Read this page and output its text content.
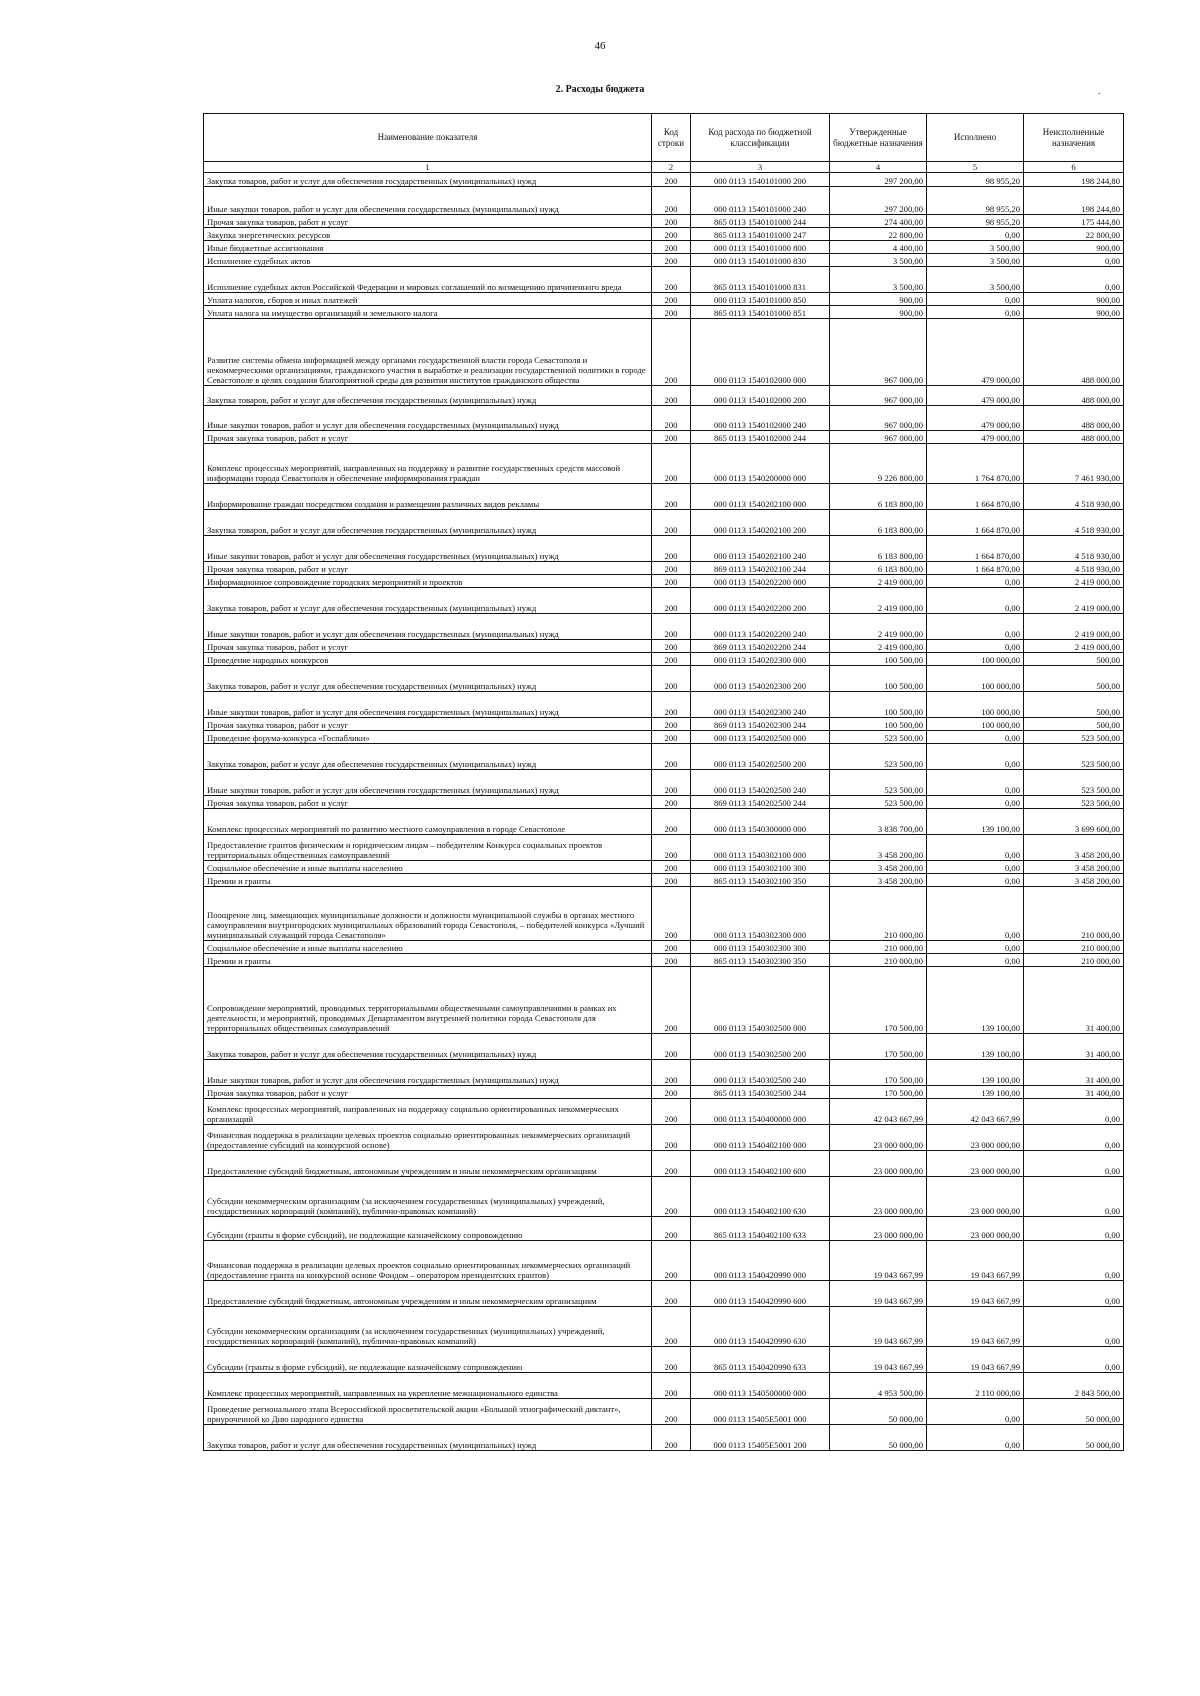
46
2. Расходы бюджета	.
Наименование показателя	Код строки	Код расхода по бюджетной классификации	Утвержденные бюджетные назначения	Исполнено	Неисполненные назначения
1	2	3	4	5	6
Закупка товаров, работ и услуг для обеспечения государственных (муниципальных) нужд	200	000 0113 1540101000 200	297 200,00	98 955,20	198 244,80
Иные закупки товаров, работ и услуг для обеспечения государственных (муниципальных) нужд	200	000 0113 1540101000 240	297 200,00	98 955,20	198 244,80
Прочая закупка товаров, работ и услуг	200	865 0113 1540101000 244	274 400,00	98 955,20	175 444,80
Закупка энергетических ресурсов	200	865 0113 1540101000 247	22 800,00	0,00	22 800,00
Иные бюджетные ассигнования	200	000 0113 1540101000 800	4 400,00	3 500,00	900,00
Исполнение судебных актов	200	000 0113 1540101000 830	3 500,00	3 500,00	0,00
Исполнение судебных актов Российской Федерации и мировых соглашений по возмещению причиненного вреда	200	865 0113 1540101000 831	3 500,00	3 500,00	0,00
Уплата налогов, сборов и иных платежей	200	000 0113 1540101000 850	900,00	0,00	900,00
Уплата налога на имущество организаций и земельного налога	200	865 0113 1540101000 851	900,00	0,00	900,00
Развитие системы обмена информацией между органами государственной власти города Севастополя и некоммерческими организациями, гражданского участия в выработке и реализации государственной политики в городе Севастополе в целях создания благоприятной среды для развития институтов гражданского общества	200	000 0113 1540102000 000	967 000,00	479 000,00	488 000,00
Закупка товаров, работ и услуг для обеспечения государственных (муниципальных) нужд	200	000 0113 1540102000 200	967 000,00	479 000,00	488 000,00
Иные закупки товаров, работ и услуг для обеспечения государственных (муниципальных) нужд	200	000 0113 1540102000 240	967 000,00	479 000,00	488 000,00
Прочая закупка товаров, работ и услуг	200	865 0113 1540102000 244	967 000,00	479 000,00	488 000,00
Комплекс процессных мероприятий, направленных на поддержку и развитие государственных средств массовой информации города Севастополя и обеспечение информирования граждан	200	000 0113 1540200000 000	9 226 800,00	1 764 870,00	7 461 930,00
Информирование граждан посредством создания и размещения различных видов рекламы	200	000 0113 1540202100 000	6 183 800,00	1 664 870,00	4 518 930,00
Закупка товаров, работ и услуг для обеспечения государственных (муниципальных) нужд	200	000 0113 1540202100 200	6 183 800,00	1 664 870,00	4 518 930,00
Иные закупки товаров, работ и услуг для обеспечения государственных (муниципальных) нужд	200	000 0113 1540202100 240	6 183 800,00	1 664 870,00	4 518 930,00
Прочая закупка товаров, работ и услуг	200	869 0113 1540202100 244	6 183 800,00	1 664 870,00	4 518 930,00
Информационное сопровождение городских мероприятий и проектов	200	000 0113 1540202200 000	2 419 000,00	0,00	2 419 000,00
Закупка товаров, работ и услуг для обеспечения государственных (муниципальных) нужд	200	000 0113 1540202200 200	2 419 000,00	0,00	2 419 000,00
Иные закупки товаров, работ и услуг для обеспечения государственных (муниципальных) нужд	200	000 0113 1540202200 240	2 419 000,00	0,00	2 419 000,00
Прочая закупка товаров, работ и услуг	200	869 0113 1540202200 244	2 419 000,00	0,00	2 419 000,00
Проведение народных конкурсов	200	000 0113 1540202300 000	100 500,00	100 000,00	500,00
Закупка товаров, работ и услуг для обеспечения государственных (муниципальных) нужд	200	000 0113 1540202300 200	100 500,00	100 000,00	500,00
Иные закупки товаров, работ и услуг для обеспечения государственных (муниципальных) нужд	200	000 0113 1540202300 240	100 500,00	100 000,00	500,00
Прочая закупка товаров, работ и услуг	200	869 0113 1540202300 244	100 500,00	100 000,00	500,00
Проведение форума-конкурса «Госпаблики»	200	000 0113 1540202500 000	523 500,00	0,00	523 500,00
Закупка товаров, работ и услуг для обеспечения государственных (муниципальных) нужд	200	000 0113 1540202500 200	523 500,00	0,00	523 500,00
Иные закупки товаров, работ и услуг для обеспечения государственных (муниципальных) нужд	200	000 0113 1540202500 240	523 500,00	0,00	523 500,00
Прочая закупка товаров, работ и услуг	200	869 0113 1540202500 244	523 500,00	0,00	523 500,00
Комплекс процессных мероприятий по развитию местного самоуправления в городе Севастополе	200	000 0113 1540300000 000	3 838 700,00	139 100,00	3 699 600,00
Предоставление грантов физическим и юридическим лицам – победителям Конкурса социальных проектов территориальных общественных самоуправлений	200	000 0113 1540302100 000	3 458 200,00	0,00	3 458 200,00
Социальное обеспечение и иные выплаты населению	200	000 0113 1540302100 300	3 458 200,00	0,00	3 458 200,00
Премии и гранты	200	865 0113 1540302100 350	3 458 200,00	0,00	3 458 200,00
Поощрение лиц, замещающих муниципальные должности и должности муниципальной службы в органах местного самоуправления внутригородских муниципальных образований города Севастополя, – победителей конкурса «Лучший муниципальный служащий города Севастополя»	200	000 0113 1540302300 000	210 000,00	0,00	210 000,00
Социальное обеспечение и иные выплаты населению	200	000 0113 1540302300 300	210 000,00	0,00	210 000,00
Премии и гранты	200	865 0113 1540302300 350	210 000,00	0,00	210 000,00
Сопровождение мероприятий, проводимых территориальными общественными самоуправлениями в рамках их деятельности, и мероприятий, проводимых Департаментом внутренней политики города Севастополя для территориальных общественных самоуправлений	200	000 0113 1540302500 000	170 500,00	139 100,00	31 400,00
Закупка товаров, работ и услуг для обеспечения государственных (муниципальных) нужд	200	000 0113 1540302500 200	170 500,00	139 100,00	31 400,00
Иные закупки товаров, работ и услуг для обеспечения государственных (муниципальных) нужд	200	000 0113 1540302500 240	170 500,00	139 100,00	31 400,00
Прочая закупка товаров, работ и услуг	200	865 0113 1540302500 244	170 500,00	139 100,00	31 400,00
Комплекс процессных мероприятий, направленных на поддержку социально ориентированных некоммерческих организаций	200	000 0113 1540400000 000	42 043 667,99	42 043 667,99	0,00
Финансовая поддержка в реализации целевых проектов социально ориентированных некоммерческих организаций (предоставление субсидий на конкурсной основе)	200	000 0113 1540402100 000	23 000 000,00	23 000 000,00	0,00
Предоставление субсидий бюджетным, автономным учреждениям и иным некоммерческим организациям	200	000 0113 1540402100 600	23 000 000,00	23 000 000,00	0,00
Субсидии некоммерческим организациям (за исключением государственных (муниципальных) учреждений, государственных корпораций (компаний), публично-правовых компаний)	200	000 0113 1540402100 630	23 000 000,00	23 000 000,00	0,00
Субсидии (гранты в форме субсидий), не подлежащие казначейскому сопровождению	200	865 0113 1540402100 633	23 000 000,00	23 000 000,00	0,00
Финансовая поддержка в реализации целевых проектов социально ориентированных некоммерческих организаций (предоставление гранта на конкурсной основе Фондом – оператором президентских грантов)	200	000 0113 1540420990 000	19 043 667,99	19 043 667,99	0,00
Предоставление субсидий бюджетным, автономным учреждениям и иным некоммерческим организациям	200	000 0113 1540420990 600	19 043 667,99	19 043 667,99	0,00
Субсидии некоммерческим организациям (за исключением государственных (муниципальных) учреждений, государственных корпораций (компаний), публично-правовых компаний)	200	000 0113 1540420990 630	19 043 667,99	19 043 667,99	0,00
Субсидии (гранты в форме субсидий), не подлежащие казначейскому сопровождению	200	865 0113 1540420990 633	19 043 667,99	19 043 667,99	0,00
Комплекс процессных мероприятий, направленных на укрепление межнационального единства	200	000 0113 1540500000 000	4 953 500,00	2 110 000,00	2 843 500,00
Проведение регионального этапа Всероссийской просветительской акции «Большой этнографический диктант», приуроченной ко Дню народного единства	200	000 0113 15405E5001 000	50 000,00	0,00	50 000,00
Закупка товаров, работ и услуг для обеспечения государственных (муниципальных) нужд	200	000 0113 15405E5001 200	50 000,00	0,00	50 000,00
